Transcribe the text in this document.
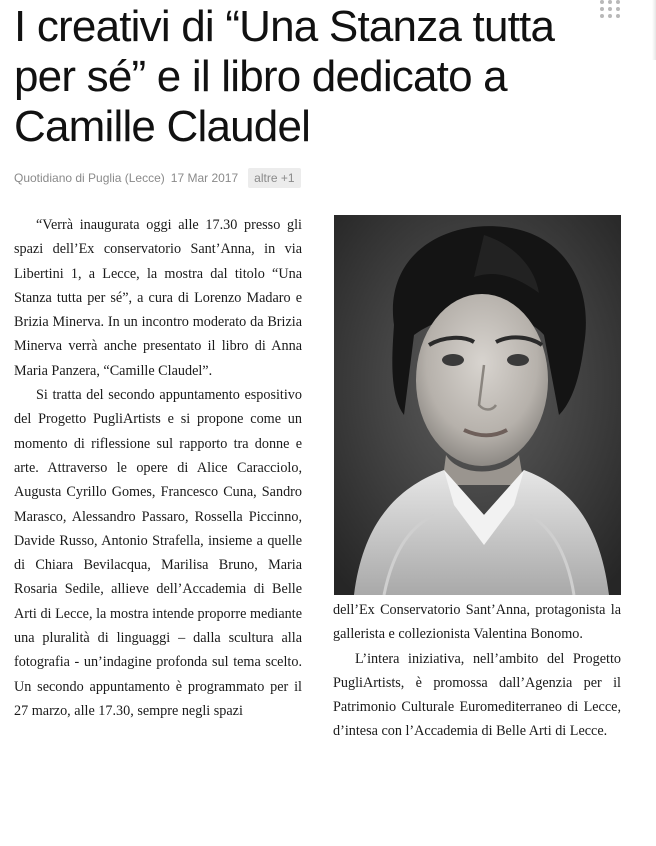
I creativi di “Una Stanza tutta per sé” e il libro dedicato a Camille Claudel
Quotidiano di Puglia (Lecce) 17 Mar 2017	altre +1

“Verrà inaugurata oggi alle 17.30 presso gli spazi dell’Ex conservatorio Sant’Anna, in via Libertini 1, a Lecce, la mostra dal titolo “Una Stanza tutta per sé”, a cura di Lorenzo Madaro e Brizia Minerva. In un incontro moderato da Brizia Minerva verrà anche presentato il libro di Anna Maria Panzera, “Camille Claudel”.

Si tratta del secondo appuntamento espositivo del Progetto PugliArtists e si propone come un momento di riflessione sul rapporto tra donne e arte. Attraverso le opere di Alice Caracciolo, Augusta Cyrillo Gomes, Francesco Cuna, Sandro Marasco, Alessandro Passaro, Rossella Piccinno, Davide Russo, Antonio Strafella, insieme a quelle di Chiara Bevilacqua, Marilisa Bruno, Maria Rosaria Sedile, allieve dell’Accademia di Belle Arti di Lecce, la mostra intende proporre mediante una pluralità di linguaggi – dalla scultura alla fotografia - un’indagine profonda sul tema scelto. Un secondo appuntamento è programmato per il 27 marzo, alle 17.30, sempre negli spazi

dell’Ex Conservatorio Sant’Anna, protagonista la gallerista e collezionista Valentina Bonomo.

L’intera iniziativa, nell’ambito del Progetto PugliArtists, è promossa dall’Agenzia per il Patrimonio Culturale Euromediterraneo di Lecce, d’intesa con l’Accademia di Belle Arti di Lecce.
